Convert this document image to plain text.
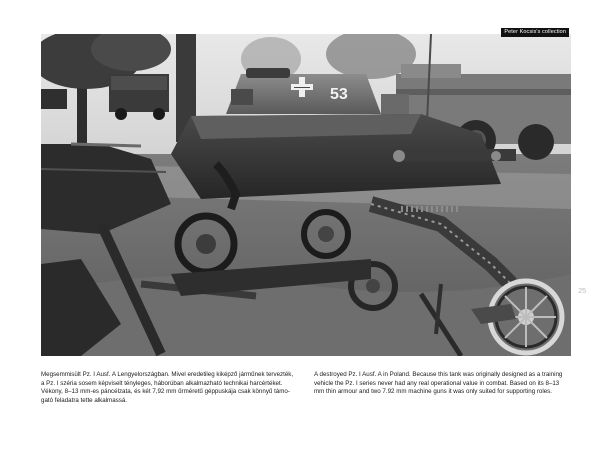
53
Peter Kocsis's collection
25
Megsemmisült Pz. I Ausf. A Lengyelországban. Mivel eredetileg kiképző járműnek tervezték,
a Pz. I széria sosem képviselt tényleges, háborúban alkalmazható technikai harcértéket.
Vékony, 8–13 mm-es páncélzata, és két 7,92 mm űrméretű géppuskája csak könnyű támo-
gató feladatra tette alkalmassá.
A destroyed Pz. I Ausf. A in Poland. Because this tank was originally designed as a training
vehicle the Pz. I series never had any real operational value in combat. Based on its 8–13
mm thin armour and two 7.92 mm machine guns it was only suited for supporting roles.
